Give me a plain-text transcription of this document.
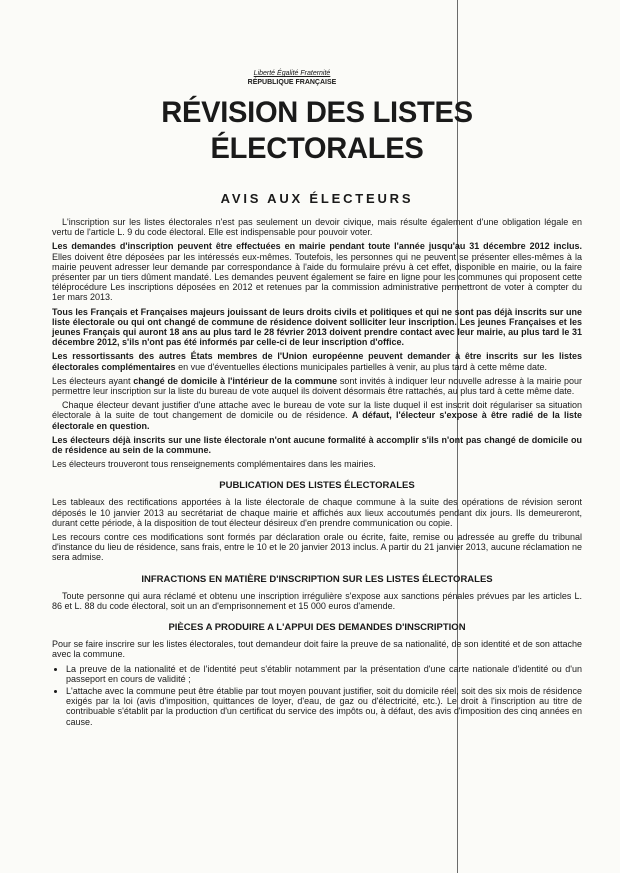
Liberté Égalité Fraternité
RÉPUBLIQUE FRANÇAISE
RÉVISION DES LISTES ÉLECTORALES
AVIS AUX ÉLECTEURS

L'inscription sur les listes électorales n'est pas seulement un devoir civique, mais résulte également d'une obligation légale en vertu de l'article L. 9 du code électoral. Elle est indispensable pour pouvoir voter.

Les demandes d'inscription peuvent être effectuées en mairie pendant toute l'année jusqu'au 31 décembre 2012 inclus. Elles doivent être déposées par les intéressés eux-mêmes. Toutefois, les personnes qui ne peuvent se présenter elles-mêmes à la mairie peuvent adresser leur demande par correspondance à l'aide du formulaire prévu à cet effet, disponible en mairie, ou la faire présenter par un tiers dûment mandaté. Les demandes peuvent également se faire en ligne pour les communes qui proposent cette téléprocédure Les inscriptions déposées en 2012 et retenues par la commission administrative permettront de voter à compter du 1er mars 2013.

Tous les Français et Françaises majeurs jouissant de leurs droits civils et politiques et qui ne sont pas déjà inscrits sur une liste électorale ou qui ont changé de commune de résidence doivent solliciter leur inscription. Les jeunes Françaises et les jeunes Français qui auront 18 ans au plus tard le 28 février 2013 doivent prendre contact avec leur mairie, au plus tard le 31 décembre 2012, s'ils n'ont pas été informés par celle-ci de leur inscription d'office.

Les ressortissants des autres États membres de l'Union européenne peuvent demander à être inscrits sur les listes électorales complémentaires en vue d'éventuelles élections municipales partielles à venir, au plus tard à cette même date.

Les électeurs ayant changé de domicile à l'intérieur de la commune sont invités à indiquer leur nouvelle adresse à la mairie pour permettre leur inscription sur la liste du bureau de vote auquel ils doivent désormais être rattachés, au plus tard à cette même date.

Chaque électeur devant justifier d'une attache avec le bureau de vote sur la liste duquel il est inscrit doit régulariser sa situation électorale à la suite de tout changement de domicile ou de résidence. A défaut, l'électeur s'expose à être radié de la liste électorale en question.

Les électeurs déjà inscrits sur une liste électorale n'ont aucune formalité à accomplir s'ils n'ont pas changé de domicile ou de résidence au sein de la commune.

Les électeurs trouveront tous renseignements complémentaires dans les mairies.

PUBLICATION DES LISTES ÉLECTORALES

Les tableaux des rectifications apportées à la liste électorale de chaque commune à la suite des opérations de révision seront déposés le 10 janvier 2013 au secrétariat de chaque mairie et affichés aux lieux accoutumés pendant dix jours. Ils demeureront, durant cette période, à la disposition de tout électeur désireux d'en prendre communication ou copie.

Les recours contre ces modifications sont formés par déclaration orale ou écrite, faite, remise ou adressée au greffe du tribunal d'instance du lieu de résidence, sans frais, entre le 10 et le 20 janvier 2013 inclus. A partir du 21 janvier 2013, aucune réclamation ne sera admise.

INFRACTIONS EN MATIÈRE D'INSCRIPTION SUR LES LISTES ÉLECTORALES

Toute personne qui aura réclamé et obtenu une inscription irrégulière s'expose aux sanctions pénales prévues par les articles L. 86 et L. 88 du code électoral, soit un an d'emprisonnement et 15 000 euros d'amende.

PIÈCES A PRODUIRE A L'APPUI DES DEMANDES D'INSCRIPTION

Pour se faire inscrire sur les listes électorales, tout demandeur doit faire la preuve de sa nationalité, de son identité et de son attache avec la commune.

• La preuve de la nationalité et de l'identité peut s'établir notamment par la présentation d'une carte nationale d'identité ou d'un passeport en cours de validité ;
• L'attache avec la commune peut être établie par tout moyen pouvant justifier, soit du domicile réel, soit des six mois de résidence exigés par la loi (avis d'imposition, quittances de loyer, d'eau, de gaz ou d'électricité, etc.). Le droit à l'inscription au titre de contribuable s'établit par la production d'un certificat du service des impôts ou, à défaut, des avis d'imposition des cinq années en cause.
